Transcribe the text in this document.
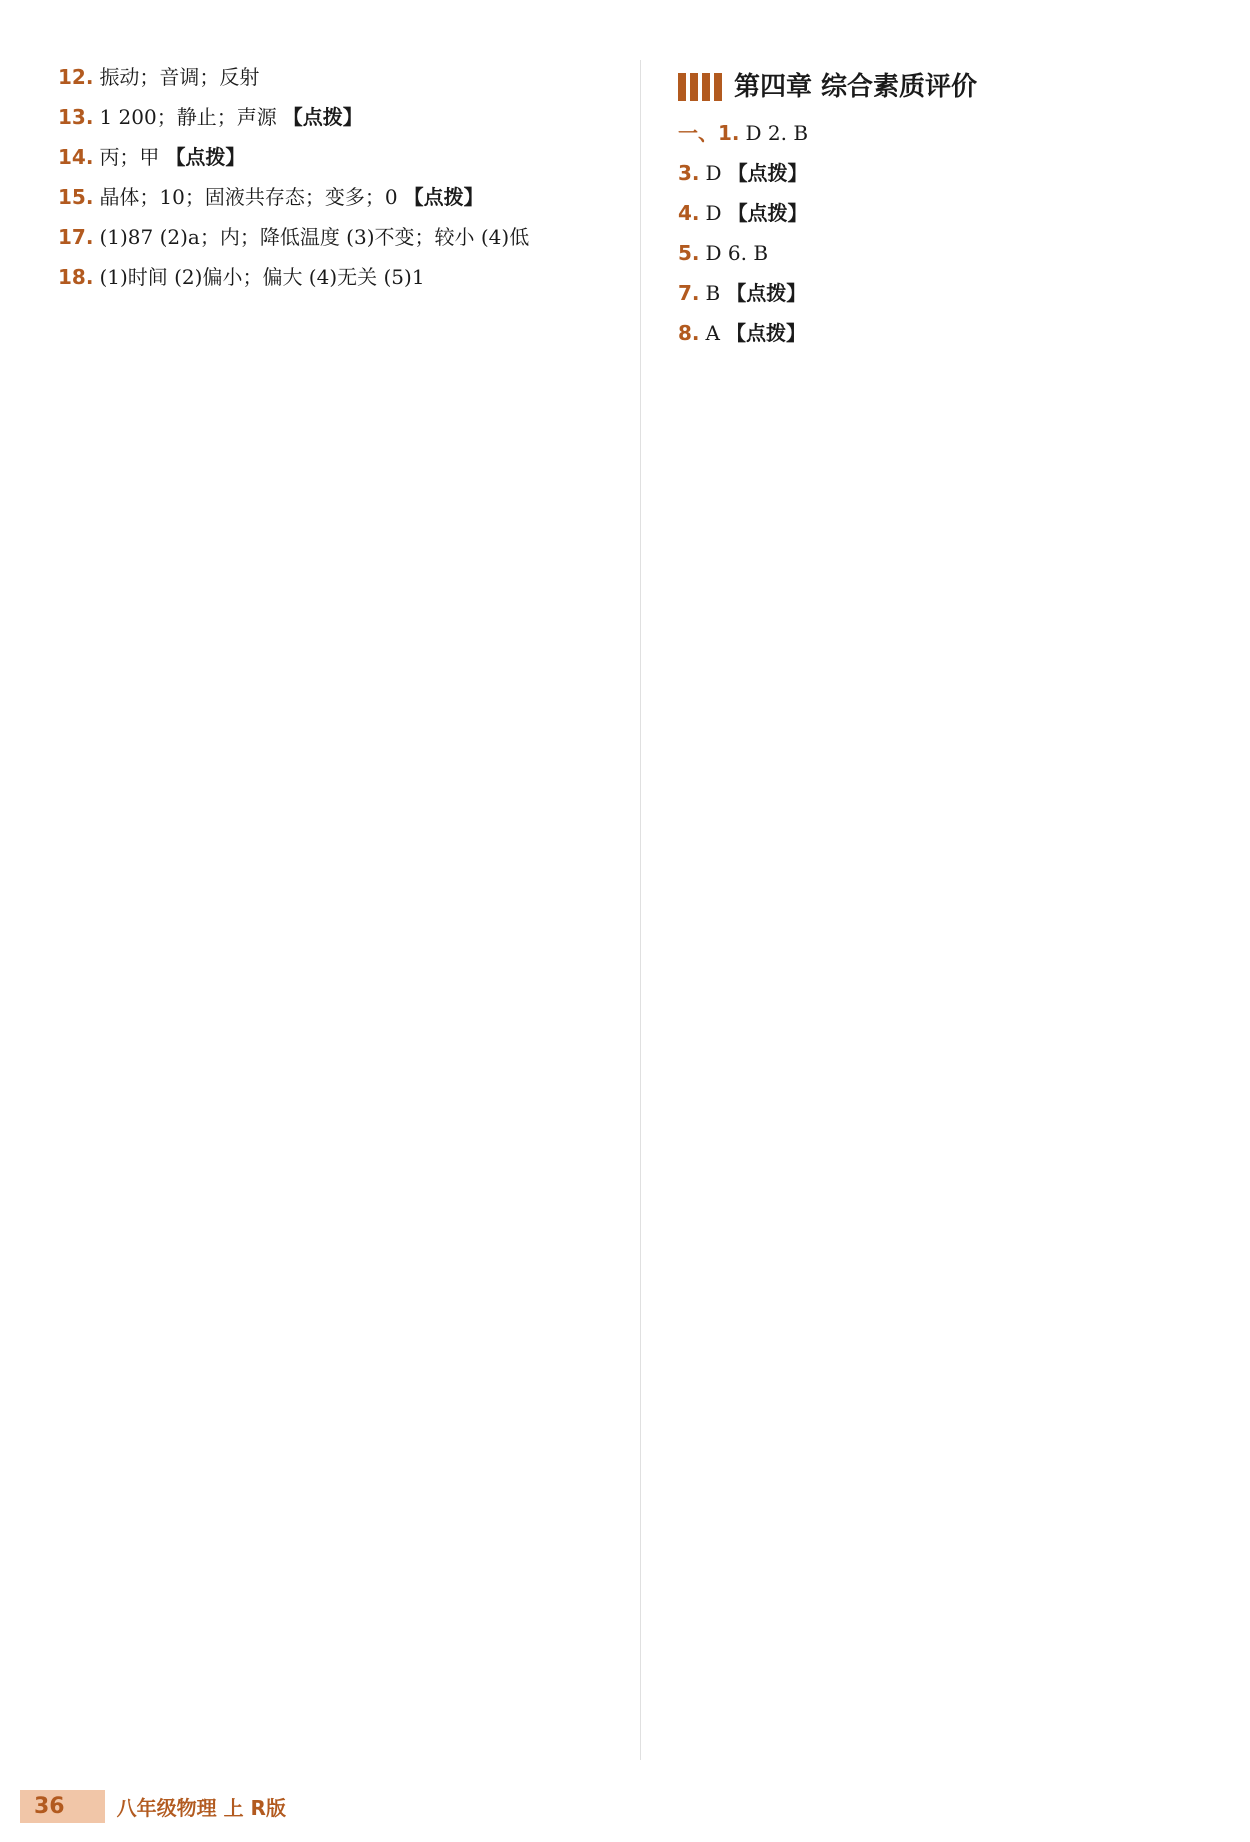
12. 振动；音调；反射
13. 1 200；静止；声源 【点拨】
14. 丙；甲 【点拨】
15. 晶体；10；固液共存态；变多；0 【点拨】
17. (1)87 (2)a；内；降低温度 (3)不变；较小 (4)低
18. (1)时间 (2)偏小；偏大 (4)无关 (5)1
第四章 综合素质评价
一、1. D 2. B
3. D 【点拨】
4. D 【点拨】
5. D 6. B
7. B 【点拨】
8. A 【点拨】
36	八年级物理 上 R版
